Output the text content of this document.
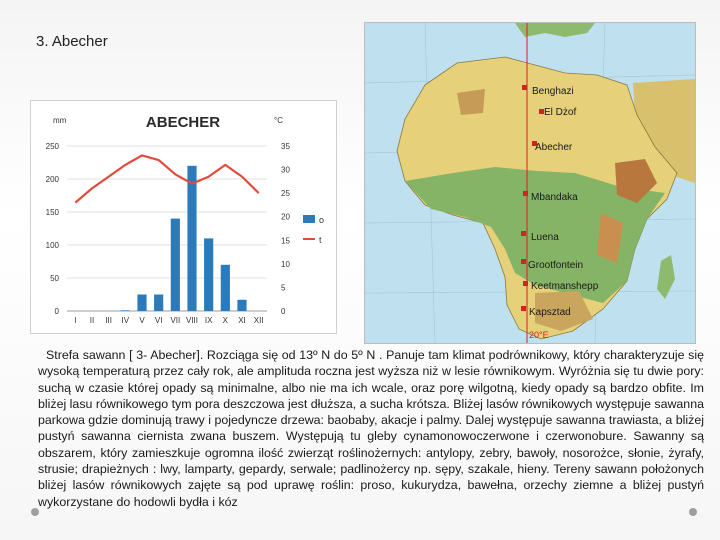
3. Abecher
ABECHER
mm	°C
0
50
100
150
200
250
0
5
10
15
20
25
30
35
I II III IV V VI VII VIII IX X XI XII
o
t
20°E
Benghazi
El Dżof
Abecher
Mbandaka
Luena
Grootfontein
Keetmanshepp
Kapsztad
Strefa sawann [ 3- Abecher]. Rozciąga się od 13º N do 5º N . Panuje tam klimat podrównikowy, który charakteryzuje się wysoką temperaturą przez cały rok, ale amplituda roczna jest wyższa niż w lesie równikowym. Wyróżnia się tu dwie pory: suchą w czasie której opady są minimalne, albo nie ma ich wcale, oraz porę wilgotną, kiedy opady są bardzo obfite. Im bliżej lasu równikowego tym pora deszczowa jest dłuższa, a sucha krótsza. Bliżej lasów równikowych występuje sawanna parkowa gdzie dominują trawy i pojedyncze drzewa: baobaby, akacje i palmy. Dalej występuje sawanna trawiasta, a bliżej pustyń sawanna ciernista zwana buszem. Występują tu gleby cynamonowoczerwone i czerwonobure. Sawanny są obszarem, który zamieszkuje ogromna ilość zwierząt roślinożernych: antylopy, zebry, bawoły, nosorożce, słonie, żyrafy, strusie; drapieżnych : lwy, lamparty, gepardy, serwale; padlinożercy np. sępy, szakale, hieny. Tereny sawann położonych bliżej lasów równikowych zajęte są pod uprawę roślin: proso, kukurydza, bawełna, orzechy ziemne a bliżej pustyń wykorzystane do hodowli bydła i kóz
